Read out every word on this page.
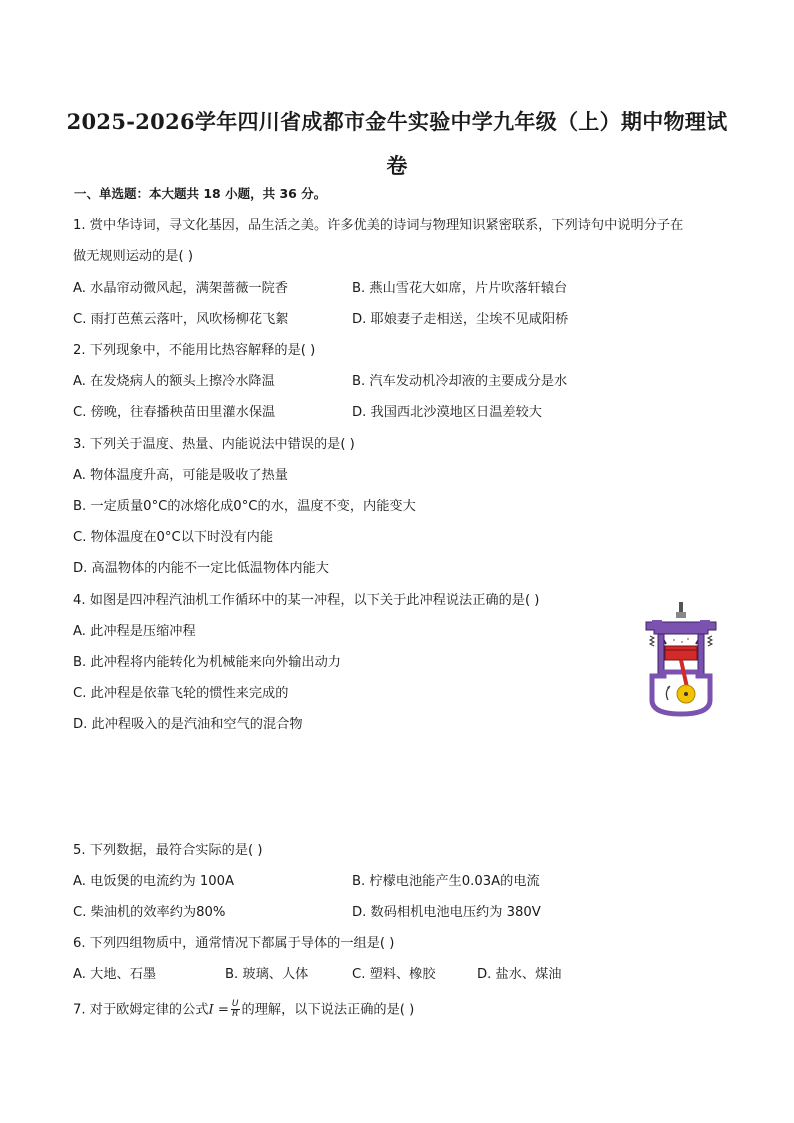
2025-2026学年四川省成都市金牛实验中学九年级（上）期中物理试
卷
一、单选题：本大题共 18 小题，共 36 分。
1. 赏中华诗词，寻文化基因，品生活之美。许多优美的诗词与物理知识紧密联系，下列诗句中说明分子在
做无规则运动的是( )
A. 水晶帘动微风起，满架蔷薇一院香	B. 燕山雪花大如席，片片吹落轩辕台
C. 雨打芭蕉云落叶，风吹杨柳花飞絮	D. 耶娘妻子走相送，尘埃不见咸阳桥
2. 下列现象中，不能用比热容解释的是( )
A. 在发烧病人的额头上擦冷水降温	B. 汽车发动机冷却液的主要成分是水
C. 傍晚，往春播秧苗田里灌水保温	D. 我国西北沙漠地区日温差较大
3. 下列关于温度、热量、内能说法中错误的是( )
A. 物体温度升高，可能是吸收了热量
B. 一定质量0°C的冰熔化成0°C的水，温度不变，内能变大
C. 物体温度在0°C以下时没有内能
D. 高温物体的内能不一定比低温物体内能大
4. 如图是四冲程汽油机工作循环中的某一冲程，以下关于此冲程说法正确的是( )
A. 此冲程是压缩冲程
B. 此冲程将内能转化为机械能来向外输出动力
C. 此冲程是依靠飞轮的惯性来完成的
D. 此冲程吸入的是汽油和空气的混合物
5. 下列数据，最符合实际的是( )
A. 电饭煲的电流约为 100A	B. 柠檬电池能产生0.03A的电流
C. 柴油机的效率约为80%	D. 数码相机电池电压约为 380V
6. 下列四组物质中，通常情况下都属于导体的一组是( )
A. 大地、石墨	B. 玻璃、人体	C. 塑料、橡胶	D. 盐水、煤油
7. 对于欧姆定律的公式$I = \frac{U}{R}$ 的理解，以下说法正确的是( )
